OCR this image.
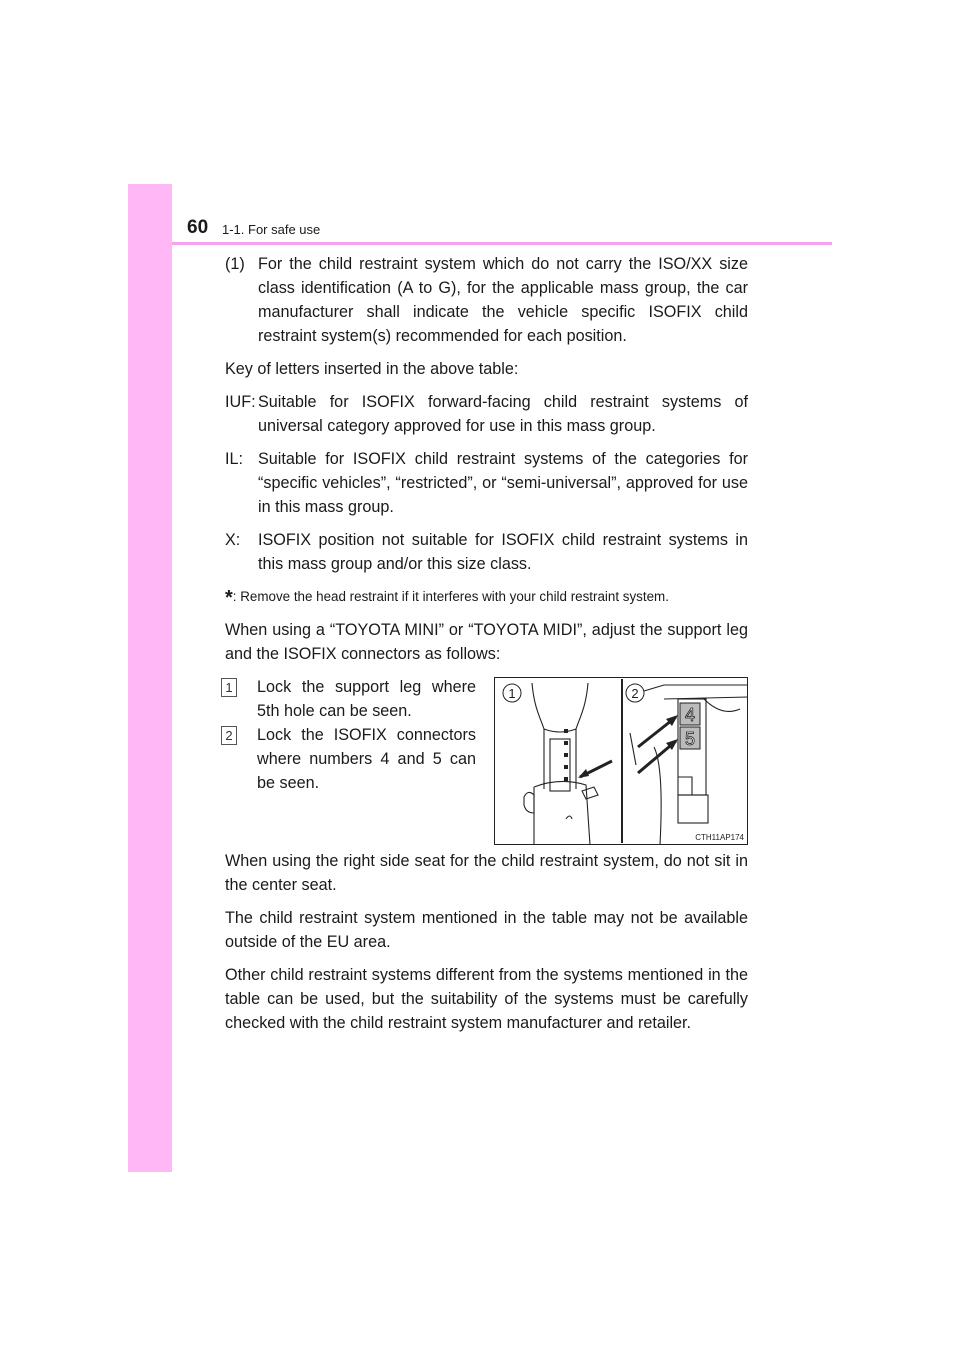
60 1-1. For safe use
(1) For the child restraint system which do not carry the ISO/XX size class identification (A to G), for the applicable mass group, the car manufacturer shall indicate the vehicle specific ISOFIX child restraint system(s) recommended for each position.

Key of letters inserted in the above table:

IUF: Suitable for ISOFIX forward-facing child restraint systems of universal category approved for use in this mass group.
IL: Suitable for ISOFIX child restraint systems of the categories for “specific vehicles”, “restricted”, or “semi-universal”, approved for use in this mass group.
X: ISOFIX position not suitable for ISOFIX child restraint systems in this mass group and/or this size class.

*: Remove the head restraint if it interferes with your child restraint system.

When using a “TOYOTA MINI” or “TOYOTA MIDI”, adjust the support leg and the ISOFIX connectors as follows:

1 Lock the support leg where 5th hole can be seen.
2 Lock the ISOFIX connectors where numbers 4 and 5 can be seen.
4
5
1	2
CTH11AP174

When using the right side seat for the child restraint system, do not sit in the center seat.

The child restraint system mentioned in the table may not be available outside of the EU area.

Other child restraint systems different from the systems mentioned in the table can be used, but the suitability of the systems must be carefully checked with the child restraint system manufacturer and retailer.
